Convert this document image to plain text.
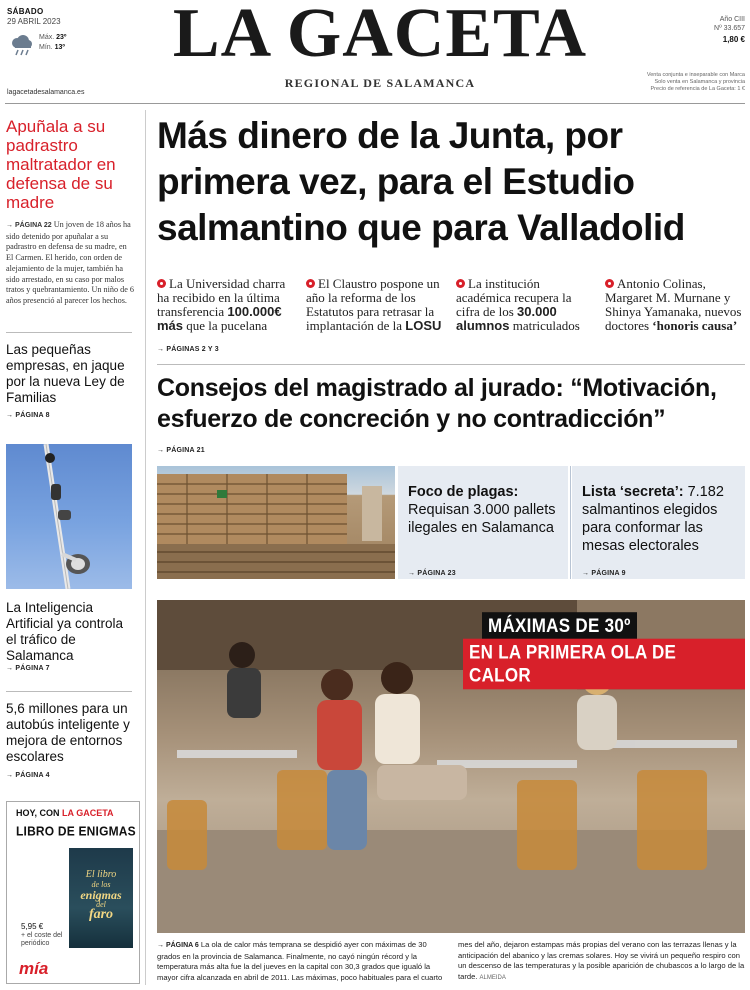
SÁBADO
29 ABRIL 2023
Máx. 23º
Mín. 13º
lagacetadesalamanca.es
LA GACETA
REGIONAL DE SALAMANCA
Año CIII
Nº 33.657
1,80 €
Venta conjunta e inseparable con Marca
Solo venta en Salamanca y provincia
Precio de referencia de La Gaceta: 1 €
Apuñala a su padrastro maltratador en defensa de su madre
→ PÁGINA 22 Un joven de 18 años ha sido detenido por apuñalar a su padrastro en defensa de su madre, en El Carmen. El herido, con orden de alejamiento de la mujer, también ha sido arrestado, en su caso por malos tratos y quebrantamiento. Un niño de 6 años presenció al parecer los hechos.
Las pequeñas empresas, en jaque por la nueva Ley de Familias
→ PÁGINA 8
La Inteligencia Artificial ya controla el tráfico de Salamanca
→ PÁGINA 7
5,6 millones para un autobús inteligente y mejora de entornos escolares
→ PÁGINA 4
HOY, CON LA GACETA
LIBRO DE ENIGMAS
El libro
de los
enigmas
del
faro
5,95 €
+ el coste del periódico
mía
Más dinero de la Junta, por primera vez, para el Estudio salmantino que para Valladolid
La Universidad charra ha recibido en la última transferencia 100.000€ más que la pucelana
El Claustro pospone un año la reforma de los Estatutos para retrasar la implantación de la LOSU
La institución académica recupera la cifra de los 30.000 alumnos matriculados
Antonio Colinas, Margaret M. Murnane y Shinya Yamanaka, nuevos doctores ‘honoris causa’
→ PÁGINAS 2 Y 3
Consejos del magistrado al jurado: “Motivación, esfuerzo de concreción y no contradicción”
→ PÁGINA 21
Foco de plagas: Requisan 3.000 pallets ilegales en Salamanca
→ PÁGINA 23
Lista ‘secreta’: 7.182 salmantinos elegidos para conformar las mesas electorales
→ PÁGINA 9
MÁXIMAS DE 30º
EN LA PRIMERA OLA DE CALOR
→ PÁGINA 6 La ola de calor más temprana se despidió ayer con máximas de 30 grados en la provincia de Salamanca. Finalmente, no cayó ningún récord y la temperatura más alta fue la del jueves en la capital con 30,3 grados que igualó la mayor cifra alcanzada en abril de 2011. Las máximas, poco habituales para el cuarto mes del año, dejaron estampas más propias del verano con las terrazas llenas y la anticipación del abanico y las cremas solares. Hoy se vivirá un pequeño respiro con un descenso de las temperaturas y la posible aparición de chubascos a lo largo de la tarde. ALMEIDA
